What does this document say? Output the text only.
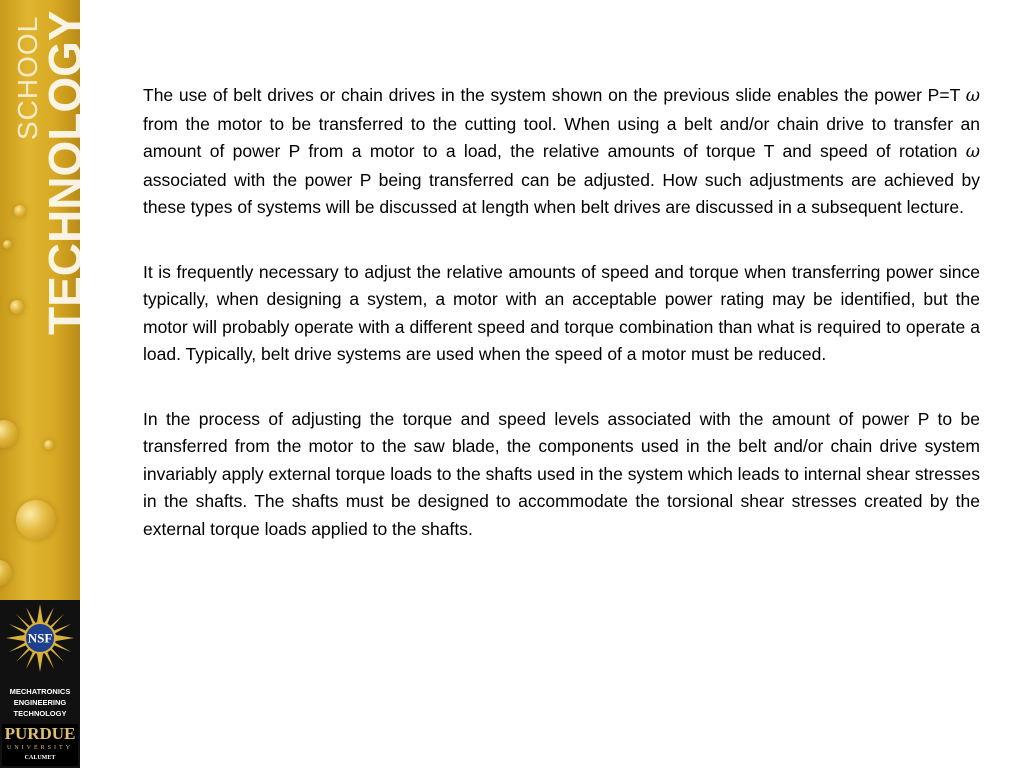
SCHOOL
TECHNOLOGY
NSF
MECHATRONICS
ENGINEERING
TECHNOLOGY
PURDUE
UNIVERSITY
CALUMET

The use of belt drives or chain drives in the system shown on the previous slide enables the power P=T ω from the motor to be transferred to the cutting tool. When using a belt and/or chain drive to transfer an amount of power P from a motor to a load, the relative amounts of torque T and speed of rotation ω associated with the power P being transferred can be adjusted. How such adjustments are achieved by these types of systems will be discussed at length when belt drives are discussed in a subsequent lecture.

It is frequently necessary to adjust the relative amounts of speed and torque when transferring power since typically, when designing a system, a motor with an acceptable power rating may be identified, but the motor will probably operate with a different speed and torque combination than what is required to operate a load. Typically, belt drive systems are used when the speed of a motor must be reduced.

In the process of adjusting the torque and speed levels associated with the amount of power P to be transferred from the motor to the saw blade, the components used in the belt and/or chain drive system invariably apply external torque loads to the shafts used in the system which leads to internal shear stresses in the shafts. The shafts must be designed to accommodate the torsional shear stresses created by the external torque loads applied to the shafts.
